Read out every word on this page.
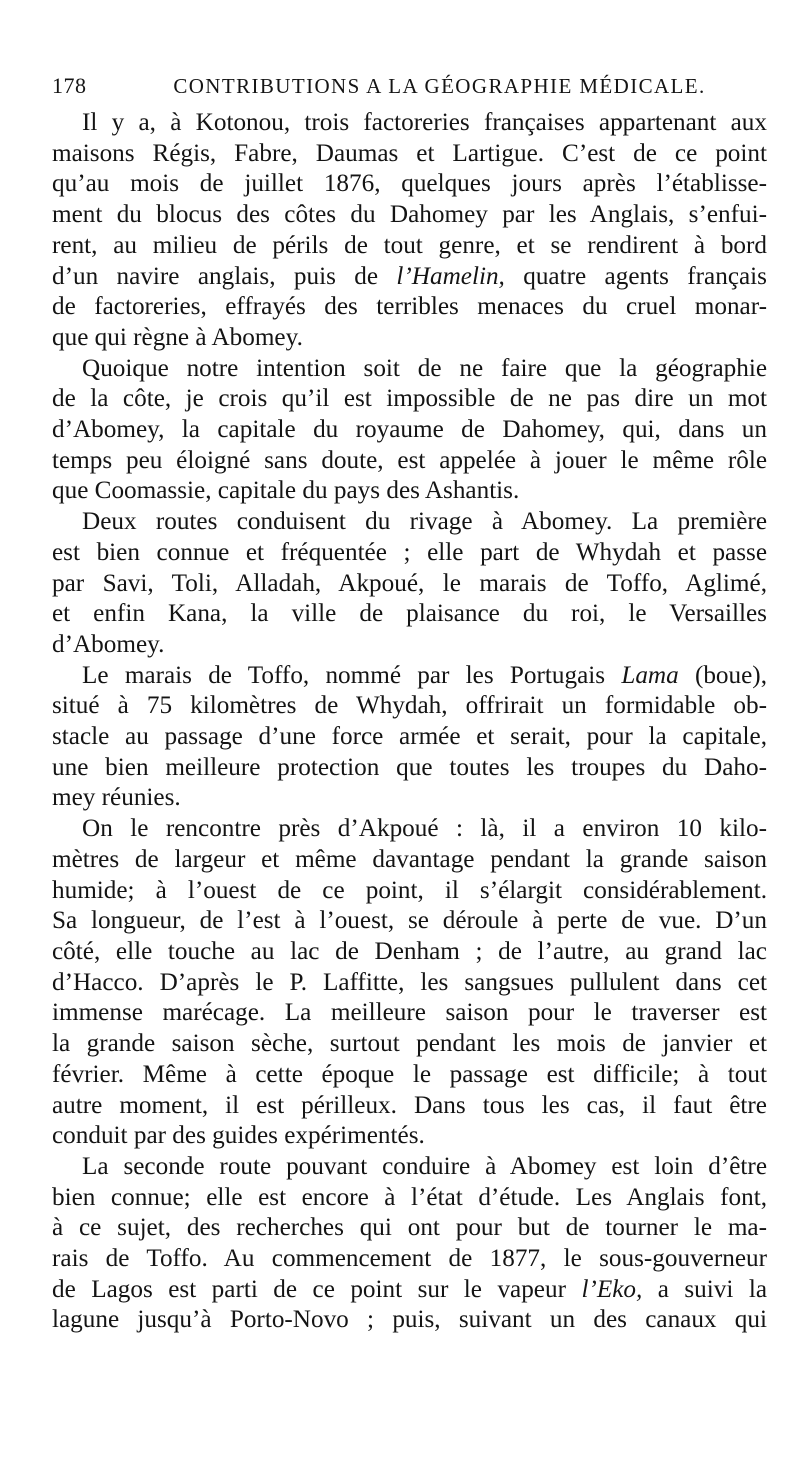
178	CONTRIBUTIONS A LA GÉOGRAPHIE MÉDICALE.

Il y a, à Kotonou, trois factoreries françaises appartenant aux
maisons Régis, Fabre, Daumas et Lartigue. C’est de ce point
qu’au mois de juillet 1876, quelques jours après l’établisse-
ment du blocus des côtes du Dahomey par les Anglais, s’enfui-
rent, au milieu de périls de tout genre, et se rendirent à bord
d’un navire anglais, puis de l’Hamelin, quatre agents français
de factoreries, effrayés des terribles menaces du cruel monar-
que qui règne à Abomey.

Quoique notre intention soit de ne faire que la géographie
de la côte, je crois qu’il est impossible de ne pas dire un mot
d’Abomey, la capitale du royaume de Dahomey, qui, dans un
temps peu éloigné sans doute, est appelée à jouer le même rôle
que Coomassie, capitale du pays des Ashantis.

Deux routes conduisent du rivage à Abomey. La première
est bien connue et fréquentée ; elle part de Whydah et passe
par Savi, Toli, Alladah, Akpoué, le marais de Toffo, Aglimé,
et enfin Kana, la ville de plaisance du roi, le Versailles
d’Abomey.

Le marais de Toffo, nommé par les Portugais Lama (boue),
situé à 75 kilomètres de Whydah, offrirait un formidable ob-
stacle au passage d’une force armée et serait, pour la capitale,
une bien meilleure protection que toutes les troupes du Daho-
mey réunies.

On le rencontre près d’Akpoué : là, il a environ 10 kilo-
mètres de largeur et même davantage pendant la grande saison
humide; à l’ouest de ce point, il s’élargit considérablement.
Sa longueur, de l’est à l’ouest, se déroule à perte de vue. D’un
côté, elle touche au lac de Denham ; de l’autre, au grand lac
d’Hacco. D’après le P. Laffitte, les sangsues pullulent dans cet
immense marécage. La meilleure saison pour le traverser est
la grande saison sèche, surtout pendant les mois de janvier et
février. Même à cette époque le passage est difficile; à tout
autre moment, il est périlleux. Dans tous les cas, il faut être
conduit par des guides expérimentés.

La seconde route pouvant conduire à Abomey est loin d’être
bien connue; elle est encore à l’état d’étude. Les Anglais font,
à ce sujet, des recherches qui ont pour but de tourner le ma-
rais de Toffo. Au commencement de 1877, le sous-gouverneur
de Lagos est parti de ce point sur le vapeur l’Eko, a suivi la
lagune jusqu’à Porto-Novo ; puis, suivant un des canaux qui
